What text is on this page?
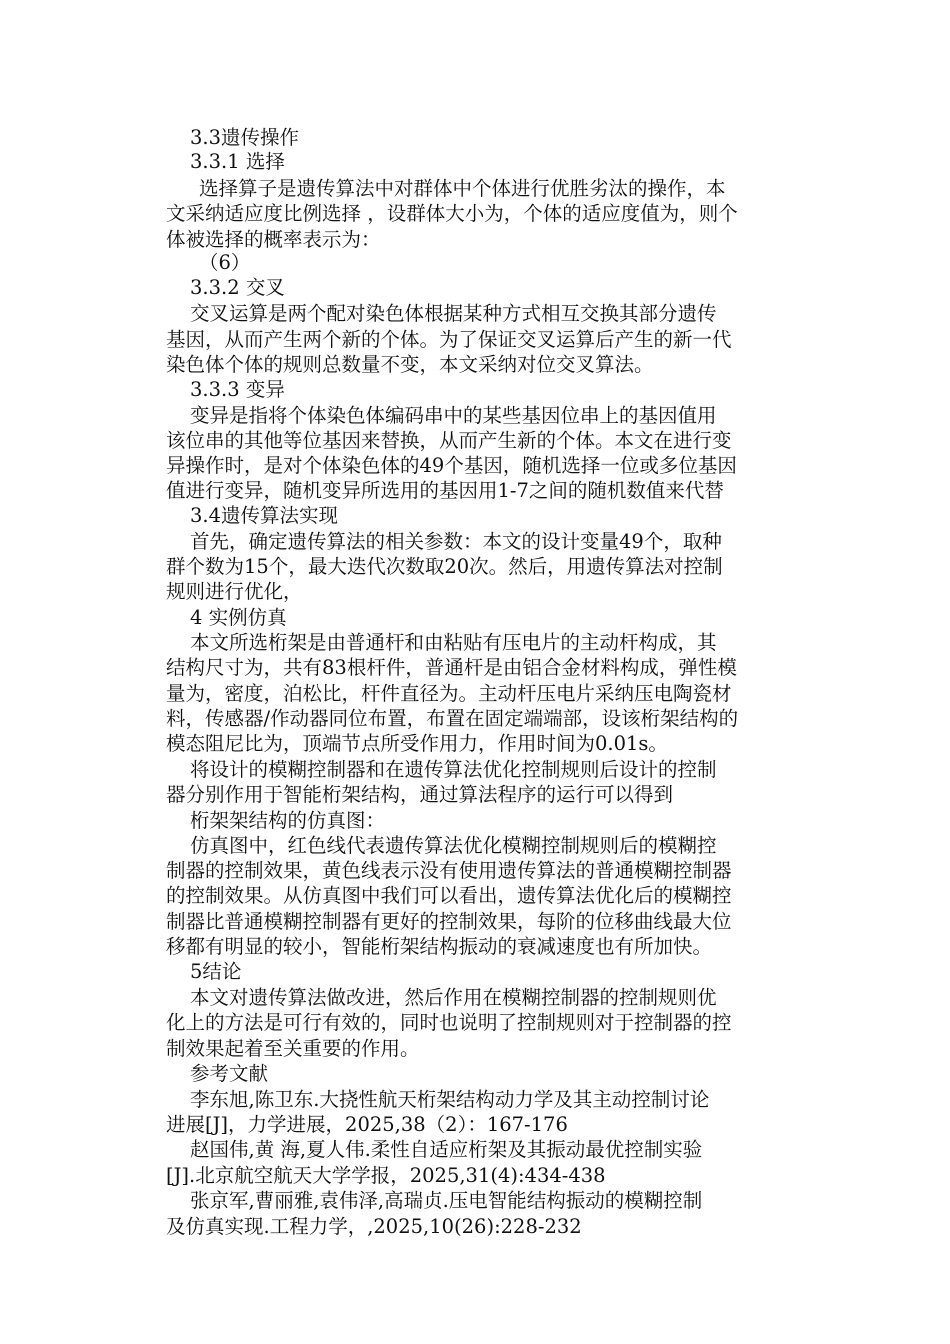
3.3遗传操作

3.3.1 选择

选择算子是遗传算法中对群体中个体进行优胜劣汰的操作，本

文采纳适应度比例选择 ，设群体大小为，个体的适应度值为，则个

体被选择的概率表示为：

（6）

3.3.2 交叉

交叉运算是两个配对染色体根据某种方式相互交换其部分遗传

基因，从而产生两个新的个体。为了保证交叉运算后产生的新一代

染色体个体的规则总数量不变，本文采纳对位交叉算法。

3.3.3 变异

变异是指将个体染色体编码串中的某些基因位串上的基因值用

该位串的其他等位基因来替换，从而产生新的个体。本文在进行变

异操作时，是对个体染色体的49个基因，随机选择一位或多位基因

值进行变异，随机变异所选用的基因用1-7之间的随机数值来代替

3.4遗传算法实现

首先，确定遗传算法的相关参数：本文的设计变量49个，取种

群个数为15个，最大迭代次数取20次。然后，用遗传算法对控制

规则进行优化，

4 实例仿真

本文所选桁架是由普通杆和由粘贴有压电片的主动杆构成，其

结构尺寸为，共有83根杆件，普通杆是由铝合金材料构成，弹性模

量为，密度，泊松比，杆件直径为。主动杆压电片采纳压电陶瓷材

料，传感器/作动器同位布置，布置在固定端端部，设该桁架结构的

模态阻尼比为，顶端节点所受作用力，作用时间为0.01s。

将设计的模糊控制器和在遗传算法优化控制规则后设计的控制

器分别作用于智能桁架结构，通过算法程序的运行可以得到

桁架架结构的仿真图：

仿真图中，红色线代表遗传算法优化模糊控制规则后的模糊控

制器的控制效果，黄色线表示没有使用遗传算法的普通模糊控制器

的控制效果。从仿真图中我们可以看出，遗传算法优化后的模糊控

制器比普通模糊控制器有更好的控制效果，每阶的位移曲线最大位

移都有明显的较小，智能桁架结构振动的衰减速度也有所加快。

5结论

本文对遗传算法做改进，然后作用在模糊控制器的控制规则优

化上的方法是可行有效的，同时也说明了控制规则对于控制器的控

制效果起着至关重要的作用。

参考文献

李东旭,陈卫东.大挠性航天桁架结构动力学及其主动控制讨论

进展[J]，力学进展，2025,38（2）：167-176

赵国伟,黄 海,夏人伟.柔性自适应桁架及其振动最优控制实验

[J].北京航空航天大学学报，2025,31(4):434-438

张京军,曹丽雅,袁伟泽,高瑞贞.压电智能结构振动的模糊控制

及仿真实现.工程力学，,2025,10(26):228-232
